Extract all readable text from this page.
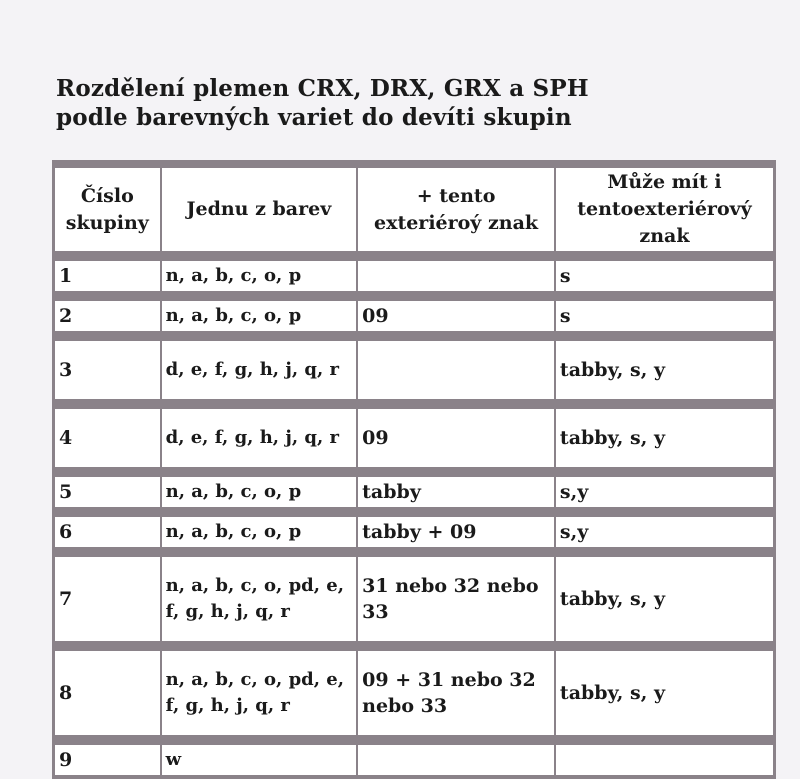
Rozdělení plemen CRX, DRX, GRX a SPH
podle barevných variet do devíti skupin
Číslo skupiny	Jednu z barev	+ tento exteriéroý znak	Může mít i tentoexteriérový znak
1	n, a, b, c, o, p		s
2	n, a, b, c, o, p	09	s
3	d, e, f, g, h, j, q, r		tabby, s, y
4	d, e, f, g, h, j, q, r	09	tabby, s, y
5	n, a, b, c, o, p	tabby	s,y
6	n, a, b, c, o, p	tabby + 09	s,y
7	n, a, b, c, o, pd, e, f, g, h, j, q, r	31 nebo 32 nebo 33	tabby, s, y
8	n, a, b, c, o, pd, e, f, g, h, j, q, r	09 + 31 nebo 32 nebo 33	tabby, s, y
9	w		
